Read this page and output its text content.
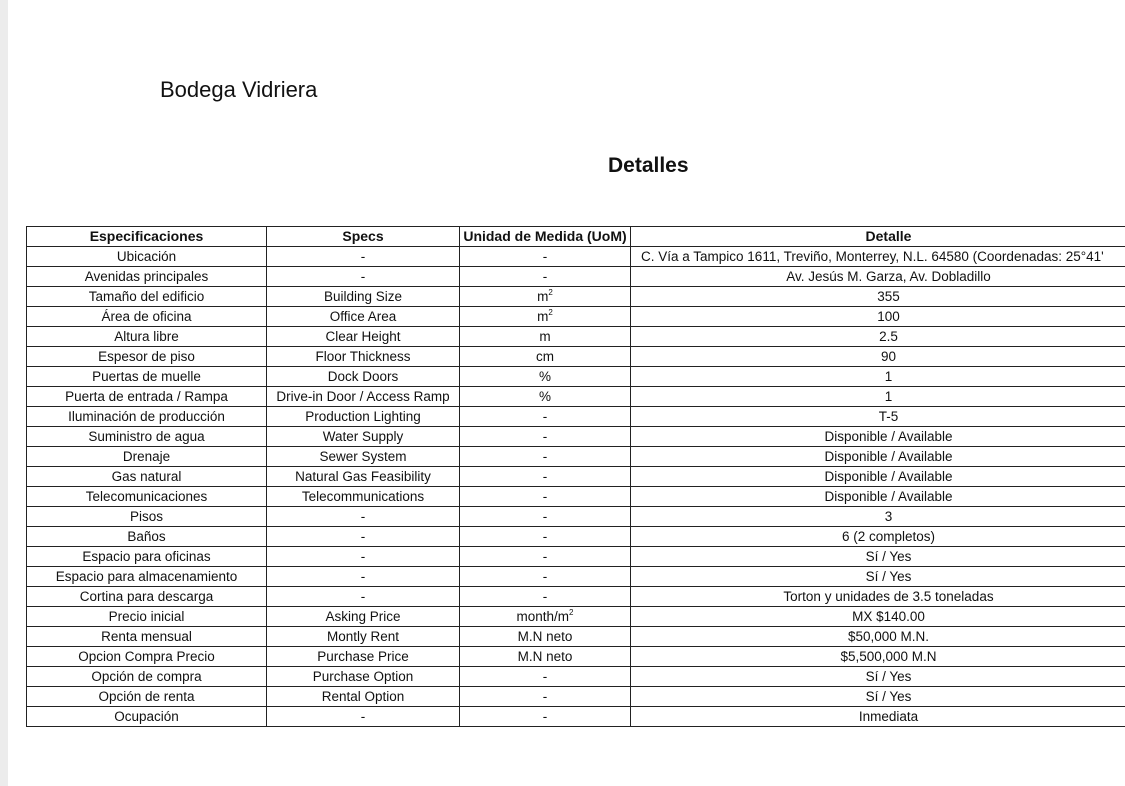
Bodega Vidriera
Detalles
Especificaciones	Specs	Unidad de Medida (UoM)	Detalle
Ubicación	-	-	C. Vía a Tampico 1611, Treviño, Monterrey, N.L. 64580 (Coordenadas: 25°41'
Avenidas principales	-	-	Av. Jesús M. Garza, Av. Dobladillo
Tamaño del edificio	Building Size	$m^2$	355
Área de oficina	Office Area	$m^2$	100
Altura libre	Clear Height	m	2.5
Espesor de piso	Floor Thickness	cm	90
Puertas de muelle	Dock Doors	%	1
Puerta de entrada / Rampa	Drive-in Door / Access Ramp	%	1
Iluminación de producción	Production Lighting	-	T-5
Suministro de agua	Water Supply	-	Disponible / Available
Drenaje	Sewer System	-	Disponible / Available
Gas natural	Natural Gas Feasibility	-	Disponible / Available
Telecomunicaciones	Telecommunications	-	Disponible / Available
Pisos	-	-	3
Baños	-	-	6 (2 completos)
Espacio para oficinas	-	-	Sí / Yes
Espacio para almacenamiento	-	-	Sí / Yes
Cortina para descarga	-	-	Torton y unidades de 3.5 toneladas
Precio inicial	Asking Price	month/$m^2$	MX $140.00
Renta mensual	Montly Rent	M.N neto	$50,000 M.N.
Opcion Compra Precio	Purchase Price	M.N neto	$5,500,000 M.N
Opción de compra	Purchase Option	-	Sí / Yes
Opción de renta	Rental Option	-	Sí / Yes
Ocupación	-	-	Inmediata
